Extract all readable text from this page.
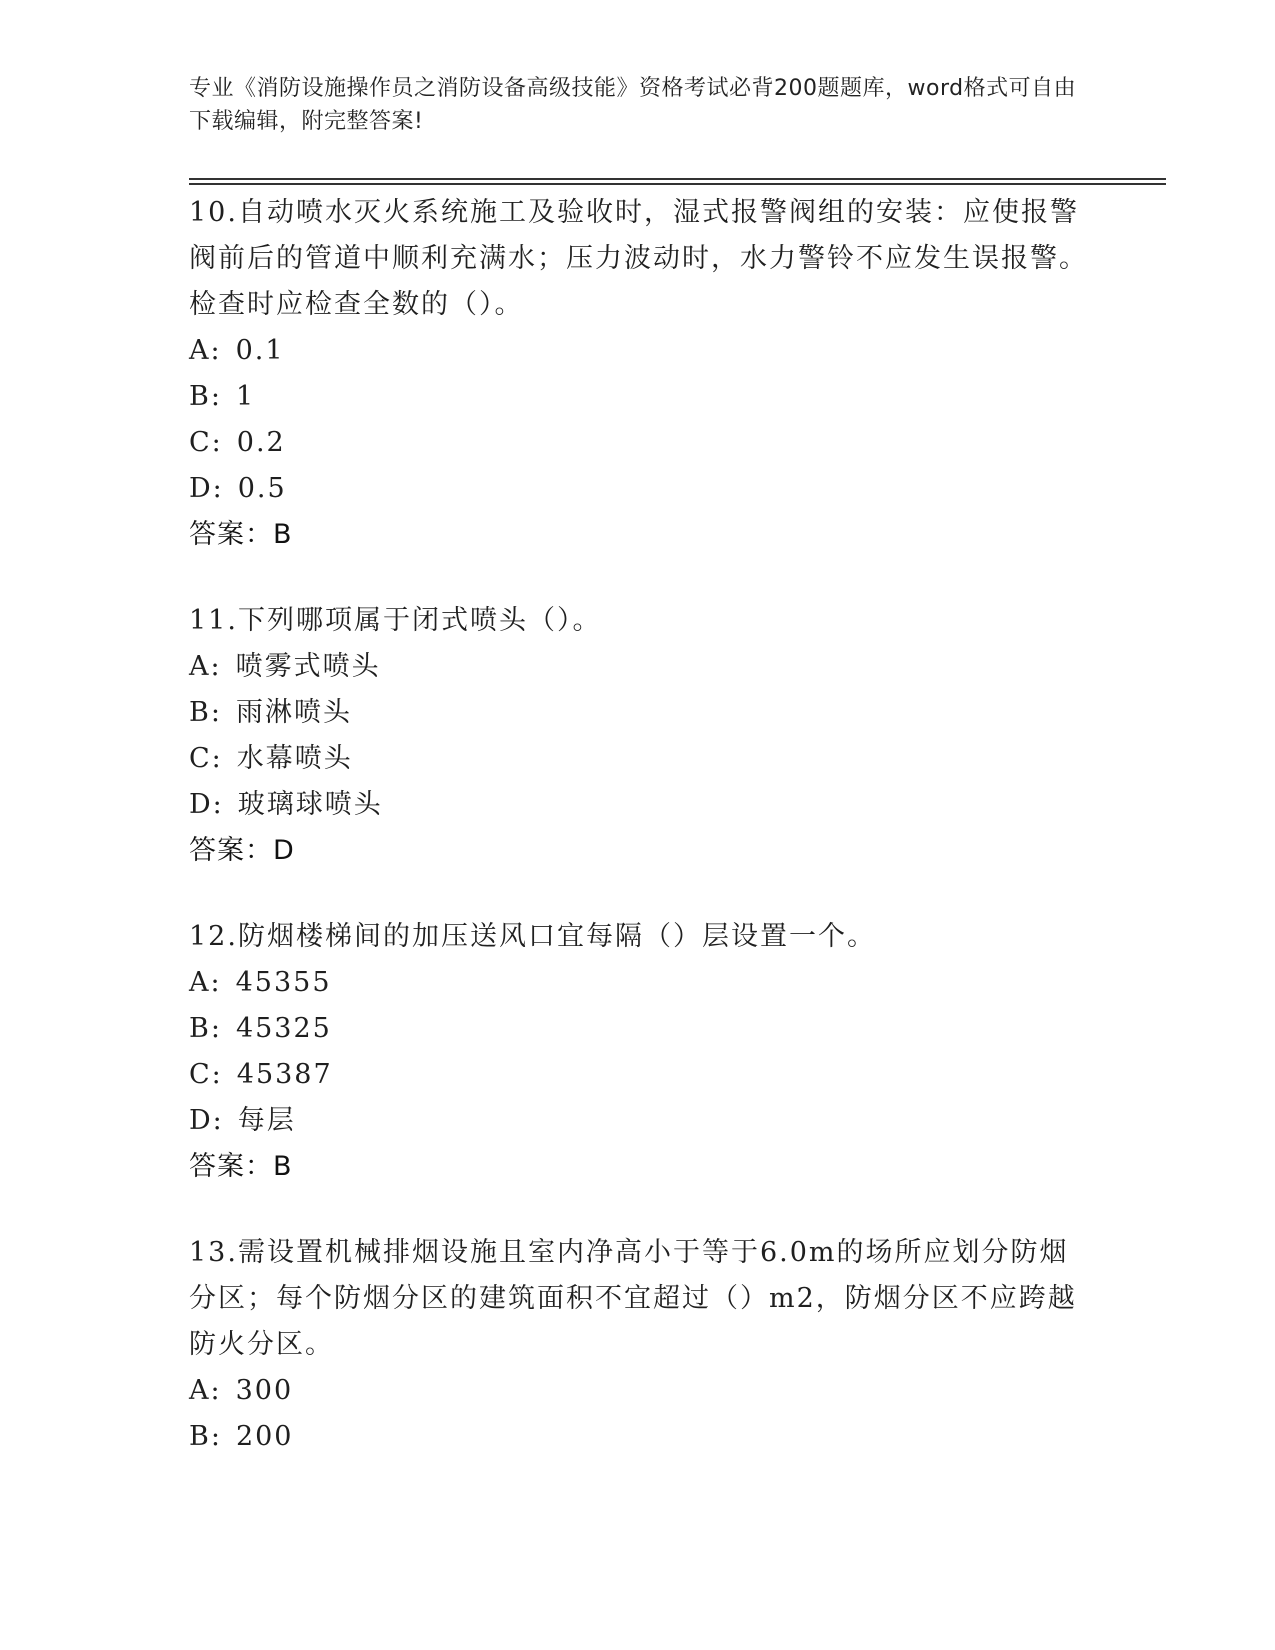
专业《消防设施操作员之消防设备高级技能》资格考试必背200题题库，word格式可自由下载编辑，附完整答案!

10.自动喷水灭火系统施工及验收时，湿式报警阀组的安装：应使报警阀前后的管道中顺利充满水；压力波动时，水力警铃不应发生误报警。检查时应检查全数的（）。

A: 0.1
B: 1
C: 0.2
D: 0.5

答案：B

11.下列哪项属于闭式喷头（）。

A: 喷雾式喷头
B: 雨淋喷头
C: 水幕喷头
D: 玻璃球喷头

答案：D

12.防烟楼梯间的加压送风口宜每隔（）层设置一个。

A: 45355
B: 45325
C: 45387
D: 每层

答案：B

13.需设置机械排烟设施且室内净高小于等于6.0m的场所应划分防烟分区；每个防烟分区的建筑面积不宜超过（）m2，防烟分区不应跨越防火分区。

A: 300
B: 200
